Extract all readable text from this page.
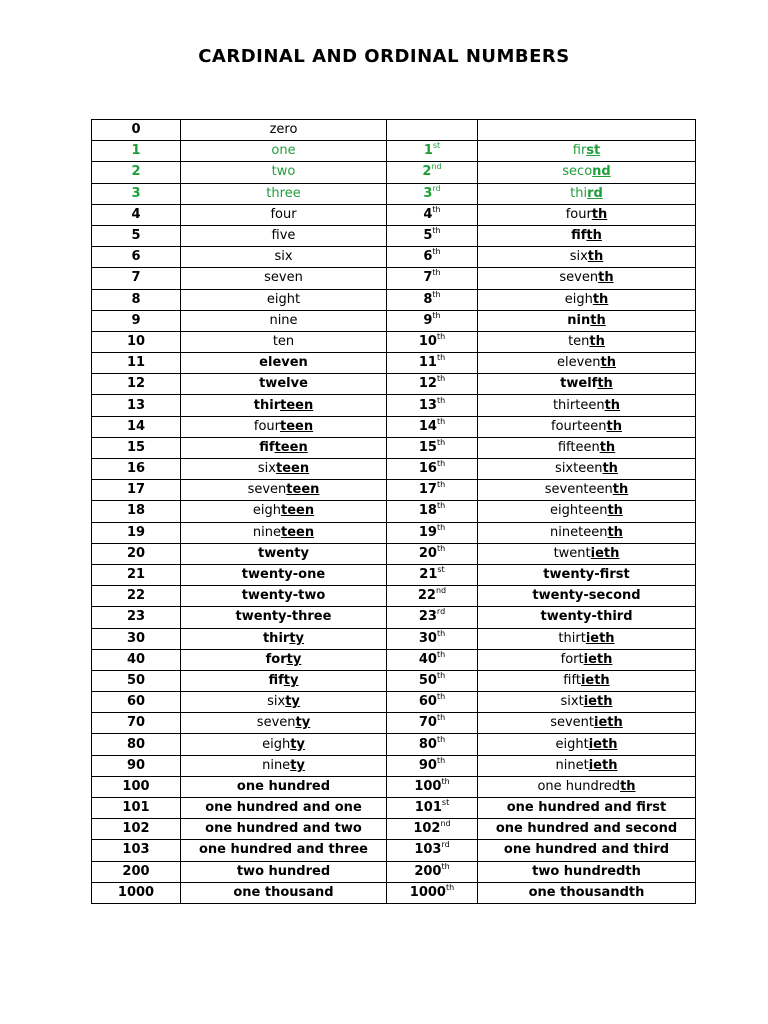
CARDINAL AND ORDINAL NUMBERS
0	zero		
1	one	1st	first
2	two	2nd	second
3	three	3rd	third
4	four	4th	fourth
5	five	5th	fifth
6	six	6th	sixth
7	seven	7th	seventh
8	eight	8th	eighth
9	nine	9th	ninth
10	ten	10th	tenth
11	eleven	11th	eleventh
12	twelve	12th	twelfth
13	thirteen	13th	thirteenth
14	fourteen	14th	fourteenth
15	fifteen	15th	fifteenth
16	sixteen	16th	sixteenth
17	seventeen	17th	seventeenth
18	eighteen	18th	eighteenth
19	nineteen	19th	nineteenth
20	twenty	20th	twentieth
21	twenty-one	21st	twenty-first
22	twenty-two	22nd	twenty-second
23	twenty-three	23rd	twenty-third
30	thirty	30th	thirtieth
40	forty	40th	fortieth
50	fifty	50th	fiftieth
60	sixty	60th	sixtieth
70	seventy	70th	seventieth
80	eighty	80th	eightieth
90	ninety	90th	ninetieth
100	one hundred	100th	one hundredth
101	one hundred and one	101st	one hundred and first
102	one hundred and two	102nd	one hundred and second
103	one hundred and three	103rd	one hundred and third
200	two hundred	200th	two hundredth
1000	one thousand	1000th	one thousandth
